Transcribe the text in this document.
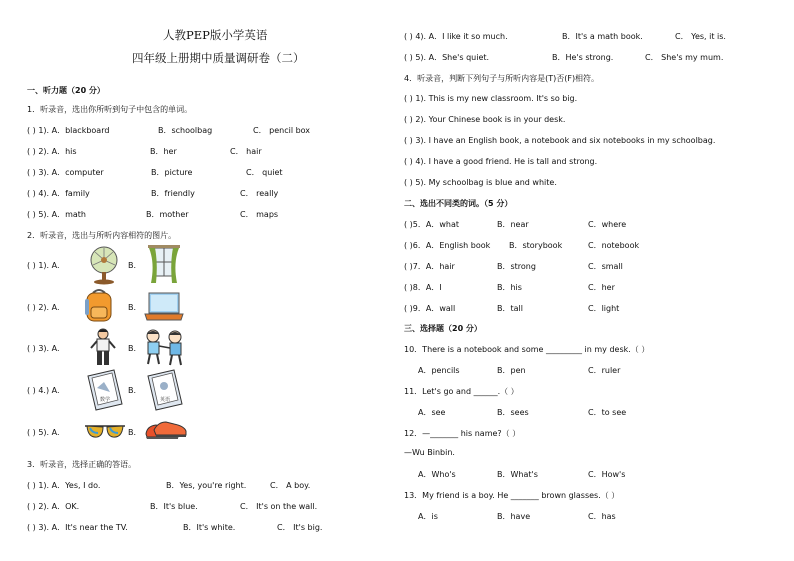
人教PEP版小学英语
四年级上册期中质量调研卷（二）
一、听力题（20 分）
1．听录音，选出你所听到句子中包含的单词。
( ) 1). A．blackboard	B．schoolbag	C． pencil box
( ) 2). A．his	B．her	C． hair
( ) 3). A．computer	B．picture	C． quiet
( ) 4). A．family	B．friendly	C． really
( ) 5). A．math	B．mother	C． maps
2．听录音，选出与所听内容相符的图片。
( ) 1). A.	B.
( ) 2). A.	B.
( ) 3). A.	B.
( ) 4.) A.	B.
( ) 5). A.	B.
数学	英语
3．听录音，选择正确的答语。
( ) 1). A．Yes, I do.	B．Yes, you're right.	C． A boy.
( ) 2). A．OK.	B．It's blue.	C． It's on the wall.
( ) 3). A．It's near the TV.	B．It's white.	C． It's big.
( ) 4). A．I like it so much.	B．It's a math book.	C． Yes, it is.
( ) 5). A．She's quiet.	B．He's strong.	C． She's my mum.
4．听录音，判断下列句子与所听内容是(T)否(F)相符。
( ) 1). This is my new classroom. It's so big.
( ) 2). Your Chinese book is in your desk.
( ) 3). I have an English book, a notebook and six notebooks in my schoolbag.
( ) 4). I have a good friend. He is tall and strong.
( ) 5). My schoolbag is blue and white.
二、选出不同类的词。（5 分）
( )5．A．what	B．near	C．where
( )6．A．English book B．storybook	C．notebook
( )7．A．hair	B．strong	C．small
( )8．A．I	B．his	C．her
( )9．A．wall	B．tall	C．light
三、选择题（20 分）
10．There is a notebook and some _________ in my desk.（ ）
A．pencils	B．pen	C．ruler
11．Let's go and ______.（ ）
A．see	B．sees	C．to see
12．—_______ his name?（ ）
—Wu Binbin.
A．Who's	B．What's	C．How's
13．My friend is a boy. He _______ brown glasses.（ ）
A．is	B．have	C．has
